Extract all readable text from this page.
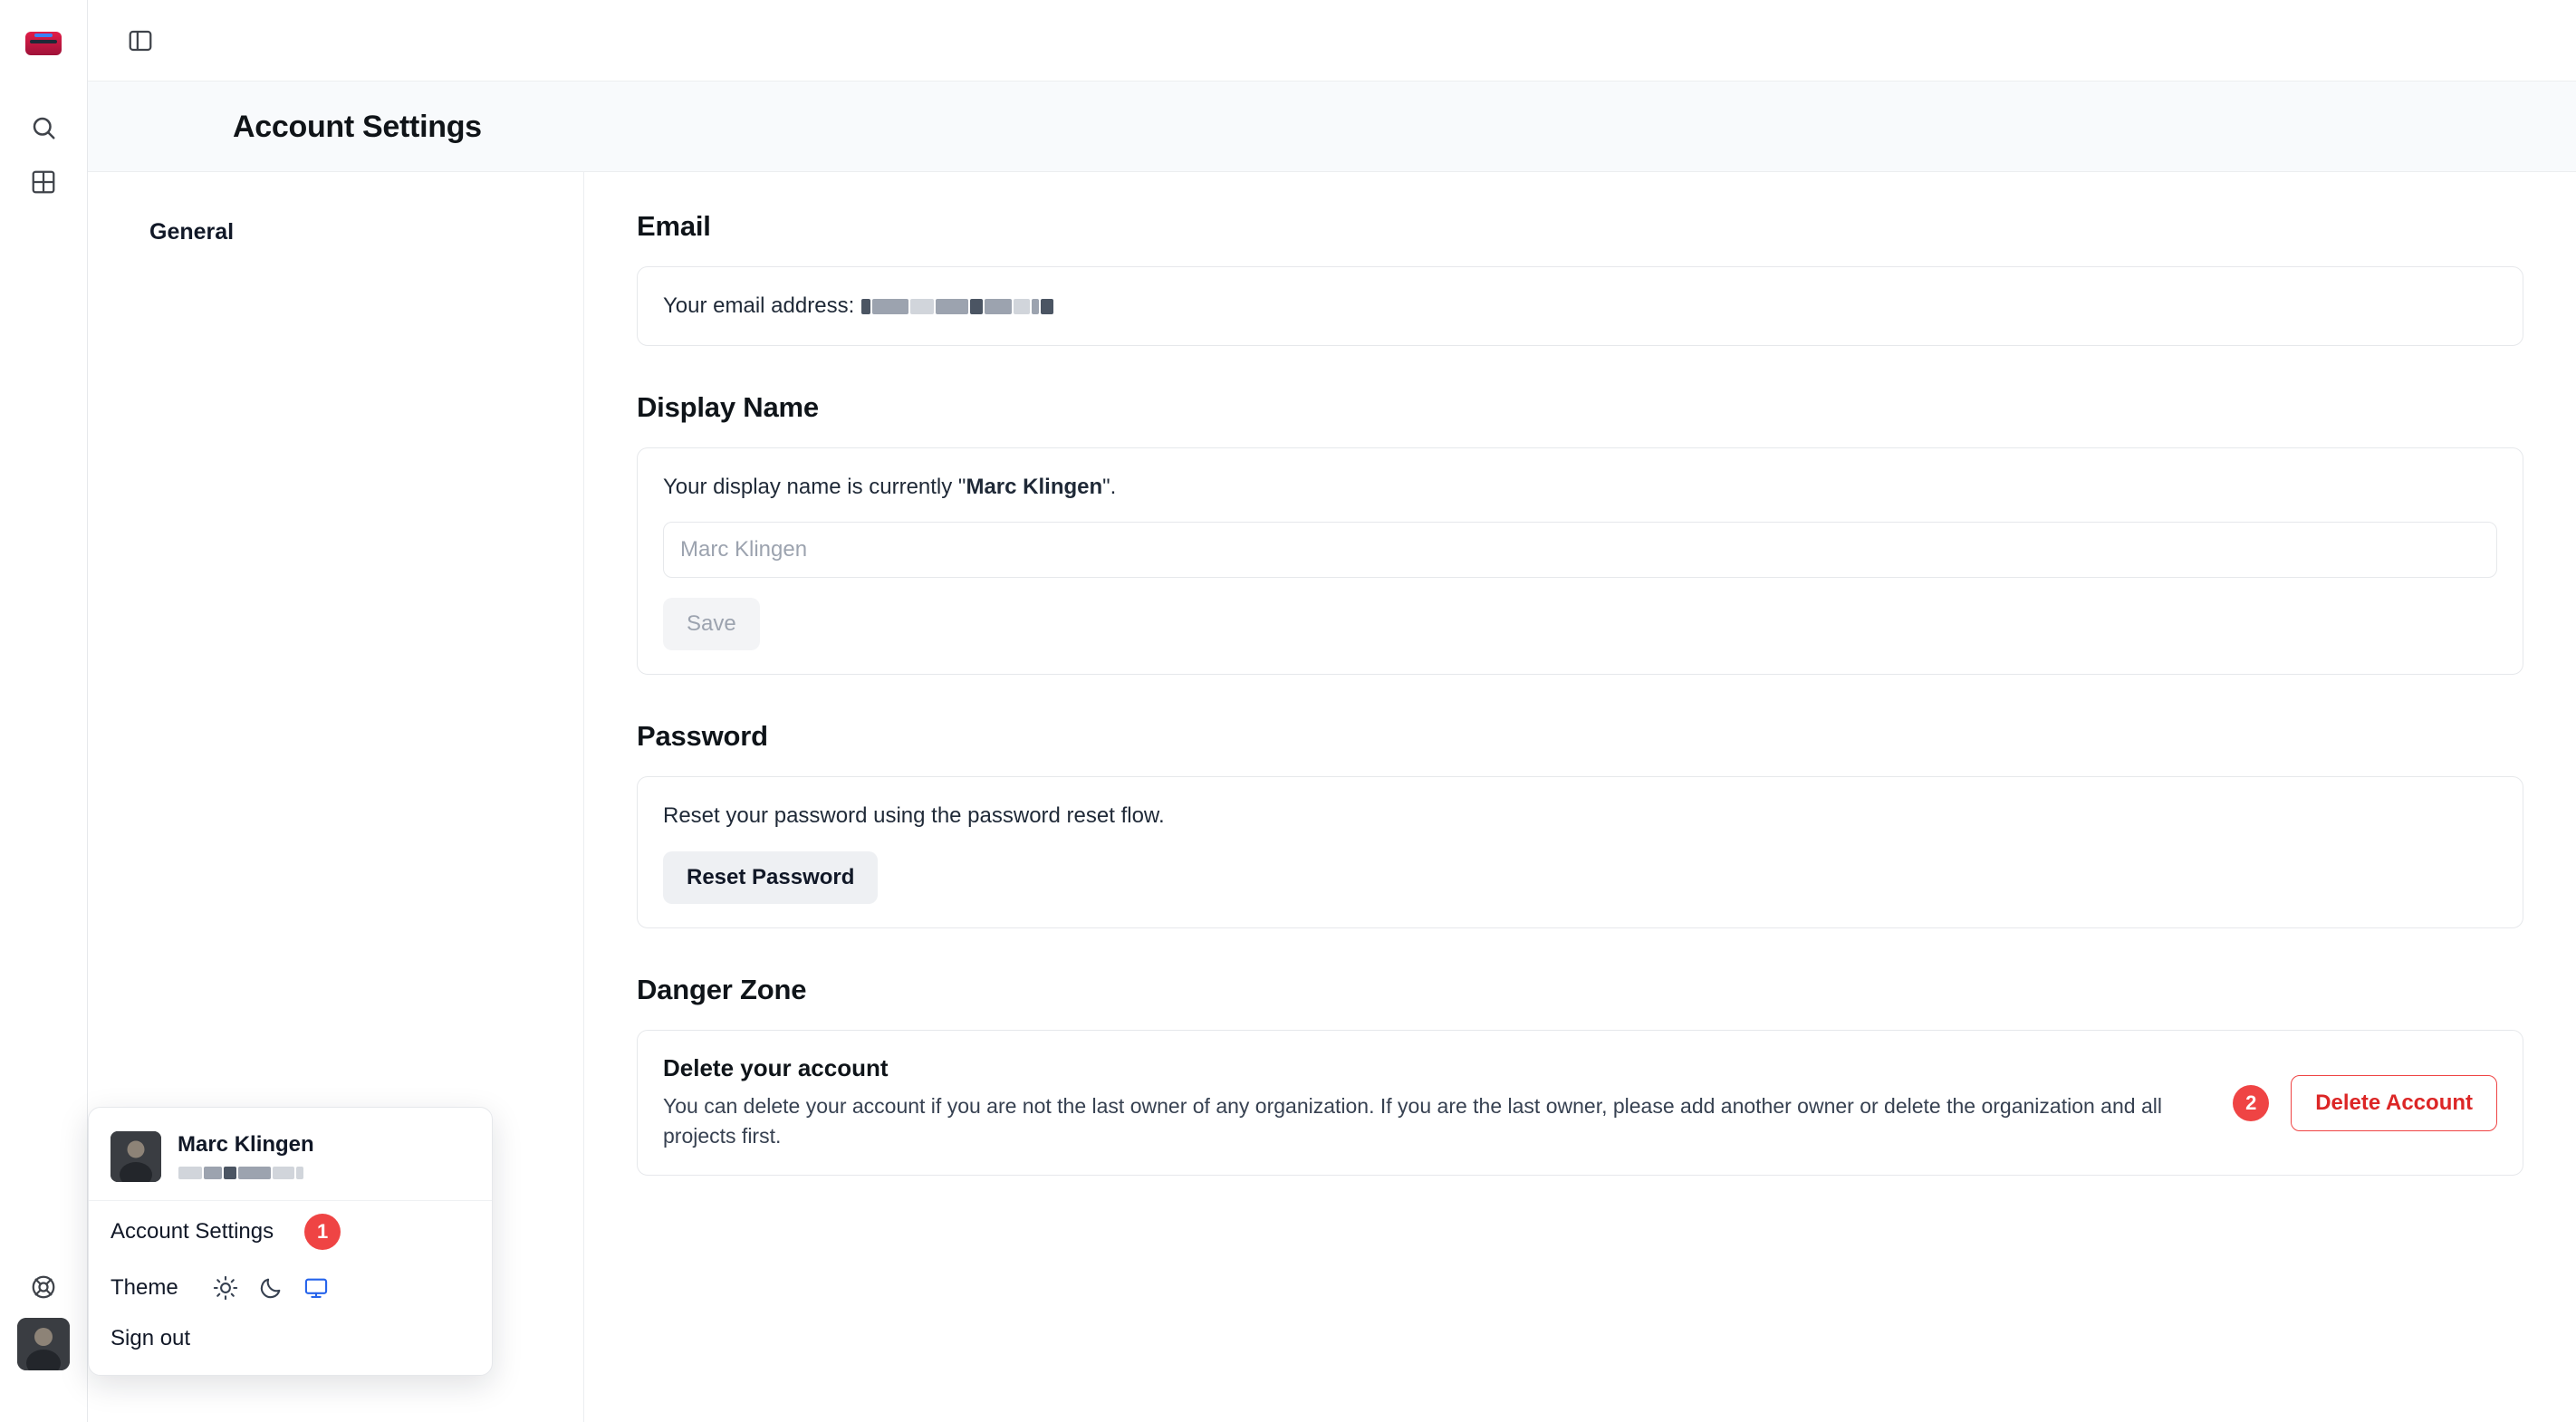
Account Settings
General	Email
Your email address:
Display Name
Your display name is currently "Marc Klingen".
Marc Klingen Save
Password
Reset your password using the password reset flow.
Reset Password
Danger Zone
Delete your account
You can delete your account if you are not the last owner of any organization. If you are the last owner, please add another owner or delete the organization and all projects first.
2	Delete Account
Marc Klingen
Account Settings	1
Theme
Sign out
